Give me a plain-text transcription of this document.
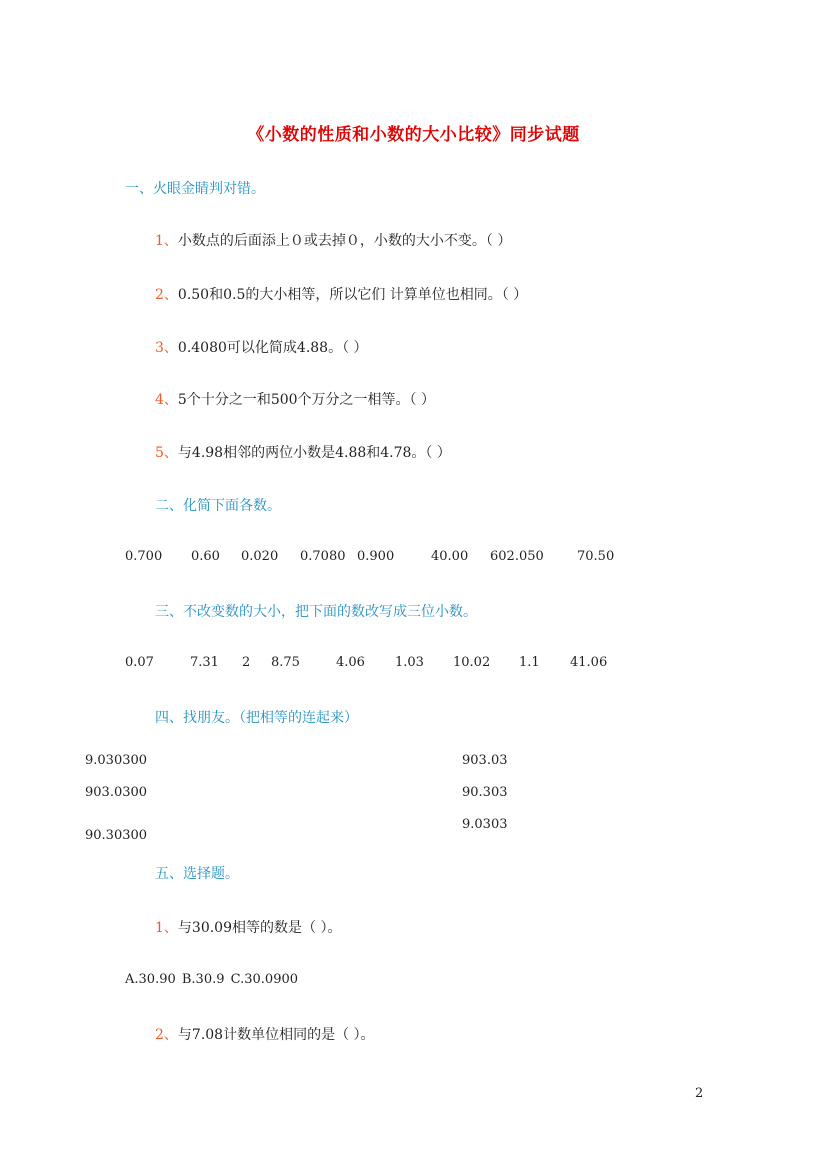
《小数的性质和小数的大小比较》同步试题
一、火眼金睛判对错。
1、小数点的后面添上０或去掉０，小数的大小不变。（ ）
2、0.50和0.5的大小相等，所以它们 计算单位也相同。（ ）
3、0.4080可以化简成4.88。（ ）
4、5个十分之一和500个万分之一相等。（ ）
5、与4.98相邻的两位小数是4.88和4.78。（ ）
二、化简下面各数。
0.700 0.60 0.020 0.7080 0.900	40.00 602.050	70.50
三、不改变数的大小，把下面的数改写成三位小数。
0.07	7.31 2 8.75	4.06 1.03 10.02 1.1 41.06
四、找朋友。（把相等的连起来）
9.030300
903.0300
90.30300
903.03
90.303
9.0303
五、选择题。
1、与30.09相等的数是（ ）。
A.30.90 B.30.9 C.30.0900
2、与7.08计数单位相同的是（ ）。
2
